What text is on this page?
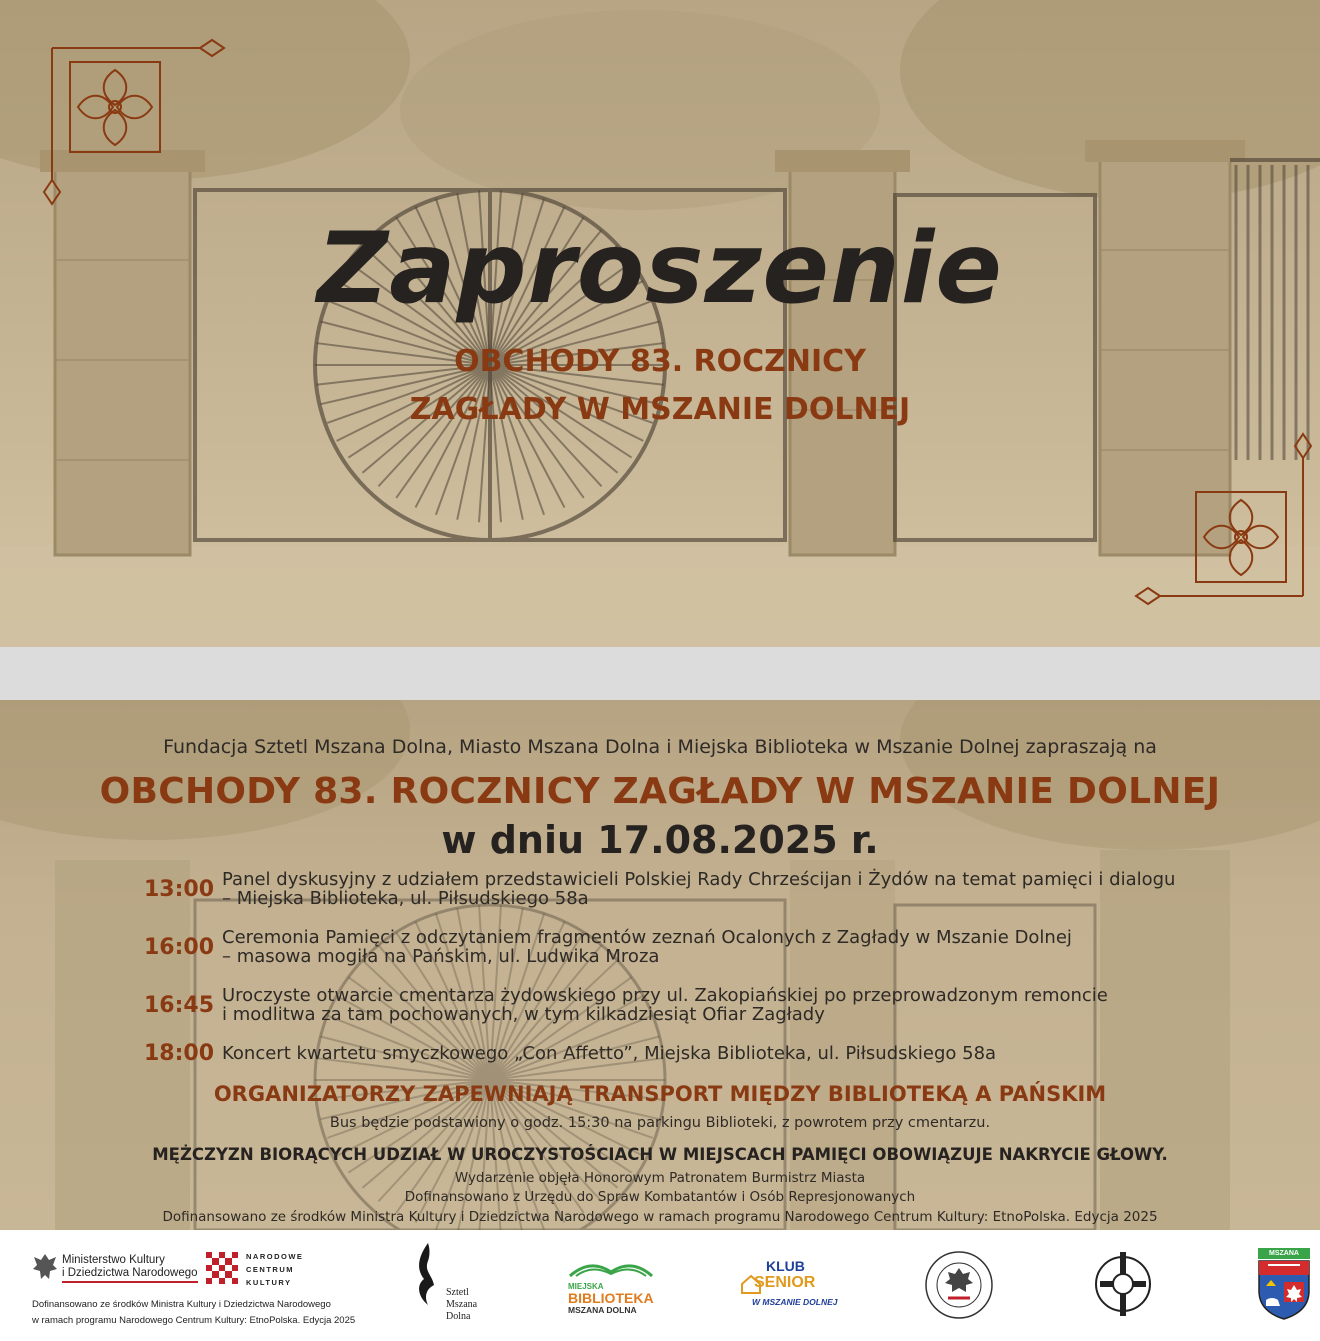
Zaproszenie
OBCHODY 83. ROCZNICY
ZAGŁADY W MSZANIE DOLNEJ
Fundacja Sztetl Mszana Dolna, Miasto Mszana Dolna i Miejska Biblioteka w Mszanie Dolnej zapraszają na
OBCHODY 83. ROCZNICY ZAGŁADY W MSZANIE DOLNEJ
w dniu 17.08.2025 r.
13:00 Panel dyskusyjny z udziałem przedstawicieli Polskiej Rady Chrześcijan i Żydów na temat pamięci i dialogu
– Miejska Biblioteka, ul. Piłsudskiego 58a
16:00 Ceremonia Pamięci z odczytaniem fragmentów zeznań Ocalonych z Zagłady w Mszanie Dolnej
– masowa mogiła na Pańskim, ul. Ludwika Mroza
16:45 Uroczyste otwarcie cmentarza żydowskiego przy ul. Zakopiańskiej po przeprowadzonym remoncie
i modlitwa za tam pochowanych, w tym kilkadziesiąt Ofiar Zagłady
18:00 Koncert kwartetu smyczkowego „Con Affetto”, Miejska Biblioteka, ul. Piłsudskiego 58a
ORGANIZATORZY ZAPEWNIAJĄ TRANSPORT MIĘDZY BIBLIOTEKĄ A PAŃSKIM
Bus będzie podstawiony o godz. 15:30 na parkingu Biblioteki, z powrotem przy cmentarzu.
MĘŻCZYZN BIORĄCYCH UDZIAŁ W UROCZYSTOŚCIACH W MIEJSCACH PAMIĘCI OBOWIĄZUJE NAKRYCIE GŁOWY.
Wydarzenie objęła Honorowym Patronatem Burmistrz Miasta
Dofinansowano z Urzędu do Spraw Kombatantów i Osób Represjonowanych
Dofinansowano ze środków Ministra Kultury i Dziedzictwa Narodowego w ramach programu Narodowego Centrum Kultury: EtnoPolska. Edycja 2025
Ministerstwo Kultury
i Dziedzictwa Narodowego
NARODOWE
CENTRUM
KULTURY
Dofinansowano ze środków Ministra Kultury i Dziedzictwa Narodowego
w ramach programu Narodowego Centrum Kultury: EtnoPolska. Edycja 2025
Sztetl
Mszana
Dolna
MIEJSKA
BIBLIOTEKA
MSZANA DOLNA
KLUB
SENIOR
W MSZANIE DOLNEJ
MSZANA
